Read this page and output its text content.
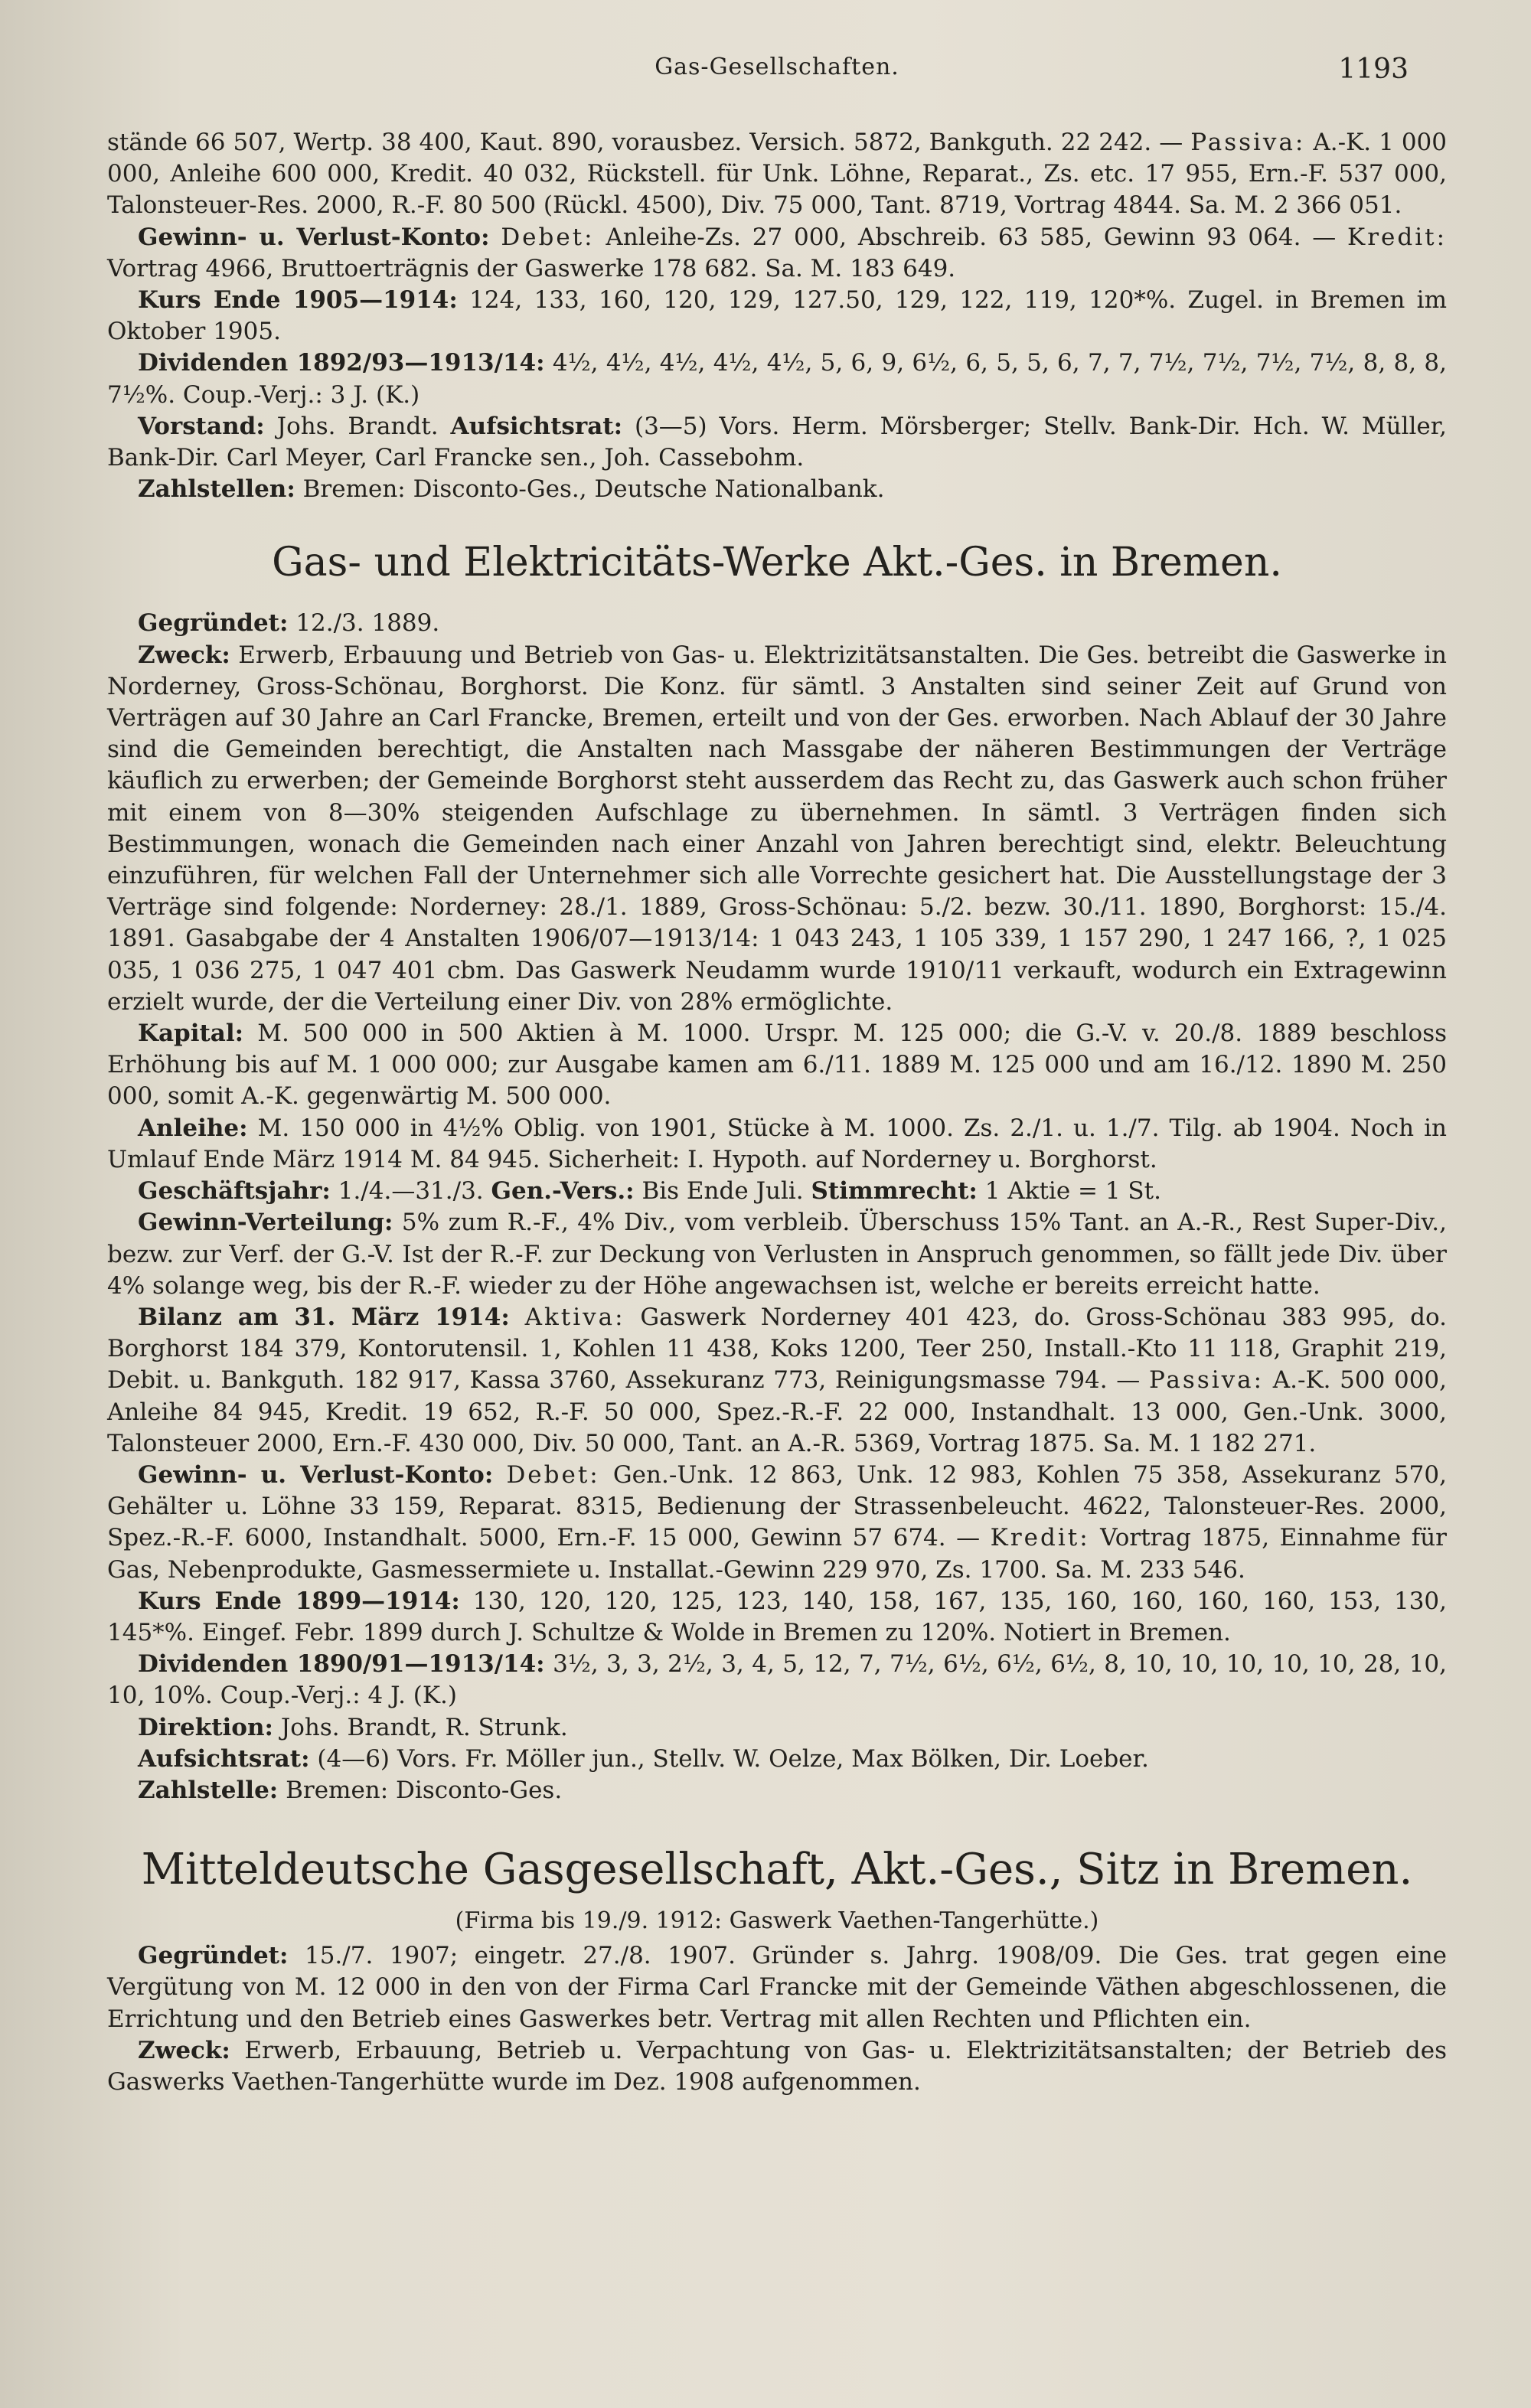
Gas-Gesellschaften.	1193

stände 66 507, Wertp. 38 400, Kaut. 890, vorausbez. Versich. 5872, Bankguth. 22 242. — Passiva: A.-K. 1 000 000, Anleihe 600 000, Kredit. 40 032, Rückstell. für Unk. Löhne, Reparat., Zs. etc. 17 955, Ern.-F. 537 000, Talonsteuer-Res. 2000, R.-F. 80 500 (Rückl. 4500), Div. 75 000, Tant. 8719, Vortrag 4844. Sa. M. 2 366 051.

Gewinn- u. Verlust-Konto: Debet: Anleihe-Zs. 27 000, Abschreib. 63 585, Gewinn 93 064. — Kredit: Vortrag 4966, Bruttoerträgnis der Gaswerke 178 682. Sa. M. 183 649.

Kurs Ende 1905—1914: 124, 133, 160, 120, 129, 127.50, 129, 122, 119, 120*%. Zugel. in Bremen im Oktober 1905.

Dividenden 1892/93—1913/14: 4½, 4½, 4½, 4½, 4½, 5, 6, 9, 6½, 6, 5, 5, 6, 7, 7, 7½, 7½, 7½, 7½, 8, 8, 8, 7½%. Coup.-Verj.: 3 J. (K.)

Vorstand: Johs. Brandt. Aufsichtsrat: (3—5) Vors. Herm. Mörsberger; Stellv. Bank-Dir. Hch. W. Müller, Bank-Dir. Carl Meyer, Carl Francke sen., Joh. Cassebohm.

Zahlstellen: Bremen: Disconto-Ges., Deutsche Nationalbank.

Gas- und Elektricitäts-Werke Akt.-Ges. in Bremen.

Gegründet: 12./3. 1889.

Zweck: Erwerb, Erbauung und Betrieb von Gas- u. Elektrizitätsanstalten. Die Ges. betreibt die Gaswerke in Norderney, Gross-Schönau, Borghorst. Die Konz. für sämtl. 3 Anstalten sind seiner Zeit auf Grund von Verträgen auf 30 Jahre an Carl Francke, Bremen, erteilt und von der Ges. erworben. Nach Ablauf der 30 Jahre sind die Gemeinden berechtigt, die Anstalten nach Massgabe der näheren Bestimmungen der Verträge käuflich zu erwerben; der Gemeinde Borghorst steht ausserdem das Recht zu, das Gaswerk auch schon früher mit einem von 8—30% steigenden Aufschlage zu übernehmen. In sämtl. 3 Verträgen finden sich Bestimmungen, wonach die Gemeinden nach einer Anzahl von Jahren berechtigt sind, elektr. Beleuchtung einzuführen, für welchen Fall der Unternehmer sich alle Vorrechte gesichert hat. Die Ausstellungstage der 3 Verträge sind folgende: Norderney: 28./1. 1889, Gross-Schönau: 5./2. bezw. 30./11. 1890, Borghorst: 15./4. 1891. Gasabgabe der 4 Anstalten 1906/07—1913/14: 1 043 243, 1 105 339, 1 157 290, 1 247 166, ?, 1 025 035, 1 036 275, 1 047 401 cbm. Das Gaswerk Neudamm wurde 1910/11 verkauft, wodurch ein Extragewinn erzielt wurde, der die Verteilung einer Div. von 28% ermöglichte.

Kapital: M. 500 000 in 500 Aktien à M. 1000. Urspr. M. 125 000; die G.-V. v. 20./8. 1889 beschloss Erhöhung bis auf M. 1 000 000; zur Ausgabe kamen am 6./11. 1889 M. 125 000 und am 16./12. 1890 M. 250 000, somit A.-K. gegenwärtig M. 500 000.

Anleihe: M. 150 000 in 4½% Oblig. von 1901, Stücke à M. 1000. Zs. 2./1. u. 1./7. Tilg. ab 1904. Noch in Umlauf Ende März 1914 M. 84 945. Sicherheit: I. Hypoth. auf Norderney u. Borghorst.

Geschäftsjahr: 1./4.—31./3. Gen.-Vers.: Bis Ende Juli. Stimmrecht: 1 Aktie = 1 St.

Gewinn-Verteilung: 5% zum R.-F., 4% Div., vom verbleib. Überschuss 15% Tant. an A.-R., Rest Super-Div., bezw. zur Verf. der G.-V. Ist der R.-F. zur Deckung von Verlusten in Anspruch genommen, so fällt jede Div. über 4% solange weg, bis der R.-F. wieder zu der Höhe angewachsen ist, welche er bereits erreicht hatte.

Bilanz am 31. März 1914: Aktiva: Gaswerk Norderney 401 423, do. Gross-Schönau 383 995, do. Borghorst 184 379, Kontorutensil. 1, Kohlen 11 438, Koks 1200, Teer 250, Install.-Kto 11 118, Graphit 219, Debit. u. Bankguth. 182 917, Kassa 3760, Assekuranz 773, Reinigungsmasse 794. — Passiva: A.-K. 500 000, Anleihe 84 945, Kredit. 19 652, R.-F. 50 000, Spez.-R.-F. 22 000, Instandhalt. 13 000, Gen.-Unk. 3000, Talonsteuer 2000, Ern.-F. 430 000, Div. 50 000, Tant. an A.-R. 5369, Vortrag 1875. Sa. M. 1 182 271.

Gewinn- u. Verlust-Konto: Debet: Gen.-Unk. 12 863, Unk. 12 983, Kohlen 75 358, Assekuranz 570, Gehälter u. Löhne 33 159, Reparat. 8315, Bedienung der Strassenbeleucht. 4622, Talonsteuer-Res. 2000, Spez.-R.-F. 6000, Instandhalt. 5000, Ern.-F. 15 000, Gewinn 57 674. — Kredit: Vortrag 1875, Einnahme für Gas, Nebenprodukte, Gasmessermiete u. Installat.-Gewinn 229 970, Zs. 1700. Sa. M. 233 546.

Kurs Ende 1899—1914: 130, 120, 120, 125, 123, 140, 158, 167, 135, 160, 160, 160, 160, 153, 130, 145*%. Eingef. Febr. 1899 durch J. Schultze & Wolde in Bremen zu 120%. Notiert in Bremen.

Dividenden 1890/91—1913/14: 3½, 3, 3, 2½, 3, 4, 5, 12, 7, 7½, 6½, 6½, 6½, 8, 10, 10, 10, 10, 10, 28, 10, 10, 10%. Coup.-Verj.: 4 J. (K.)

Direktion: Johs. Brandt, R. Strunk.

Aufsichtsrat: (4—6) Vors. Fr. Möller jun., Stellv. W. Oelze, Max Bölken, Dir. Loeber.

Zahlstelle: Bremen: Disconto-Ges.

Mitteldeutsche Gasgesellschaft, Akt.-Ges., Sitz in Bremen.
(Firma bis 19./9. 1912: Gaswerk Vaethen-Tangerhütte.)

Gegründet: 15./7. 1907; eingetr. 27./8. 1907. Gründer s. Jahrg. 1908/09. Die Ges. trat gegen eine Vergütung von M. 12 000 in den von der Firma Carl Francke mit der Gemeinde Väthen abgeschlossenen, die Errichtung und den Betrieb eines Gaswerkes betr. Vertrag mit allen Rechten und Pflichten ein.

Zweck: Erwerb, Erbauung, Betrieb u. Verpachtung von Gas- u. Elektrizitätsanstalten; der Betrieb des Gaswerks Vaethen-Tangerhütte wurde im Dez. 1908 aufgenommen.
